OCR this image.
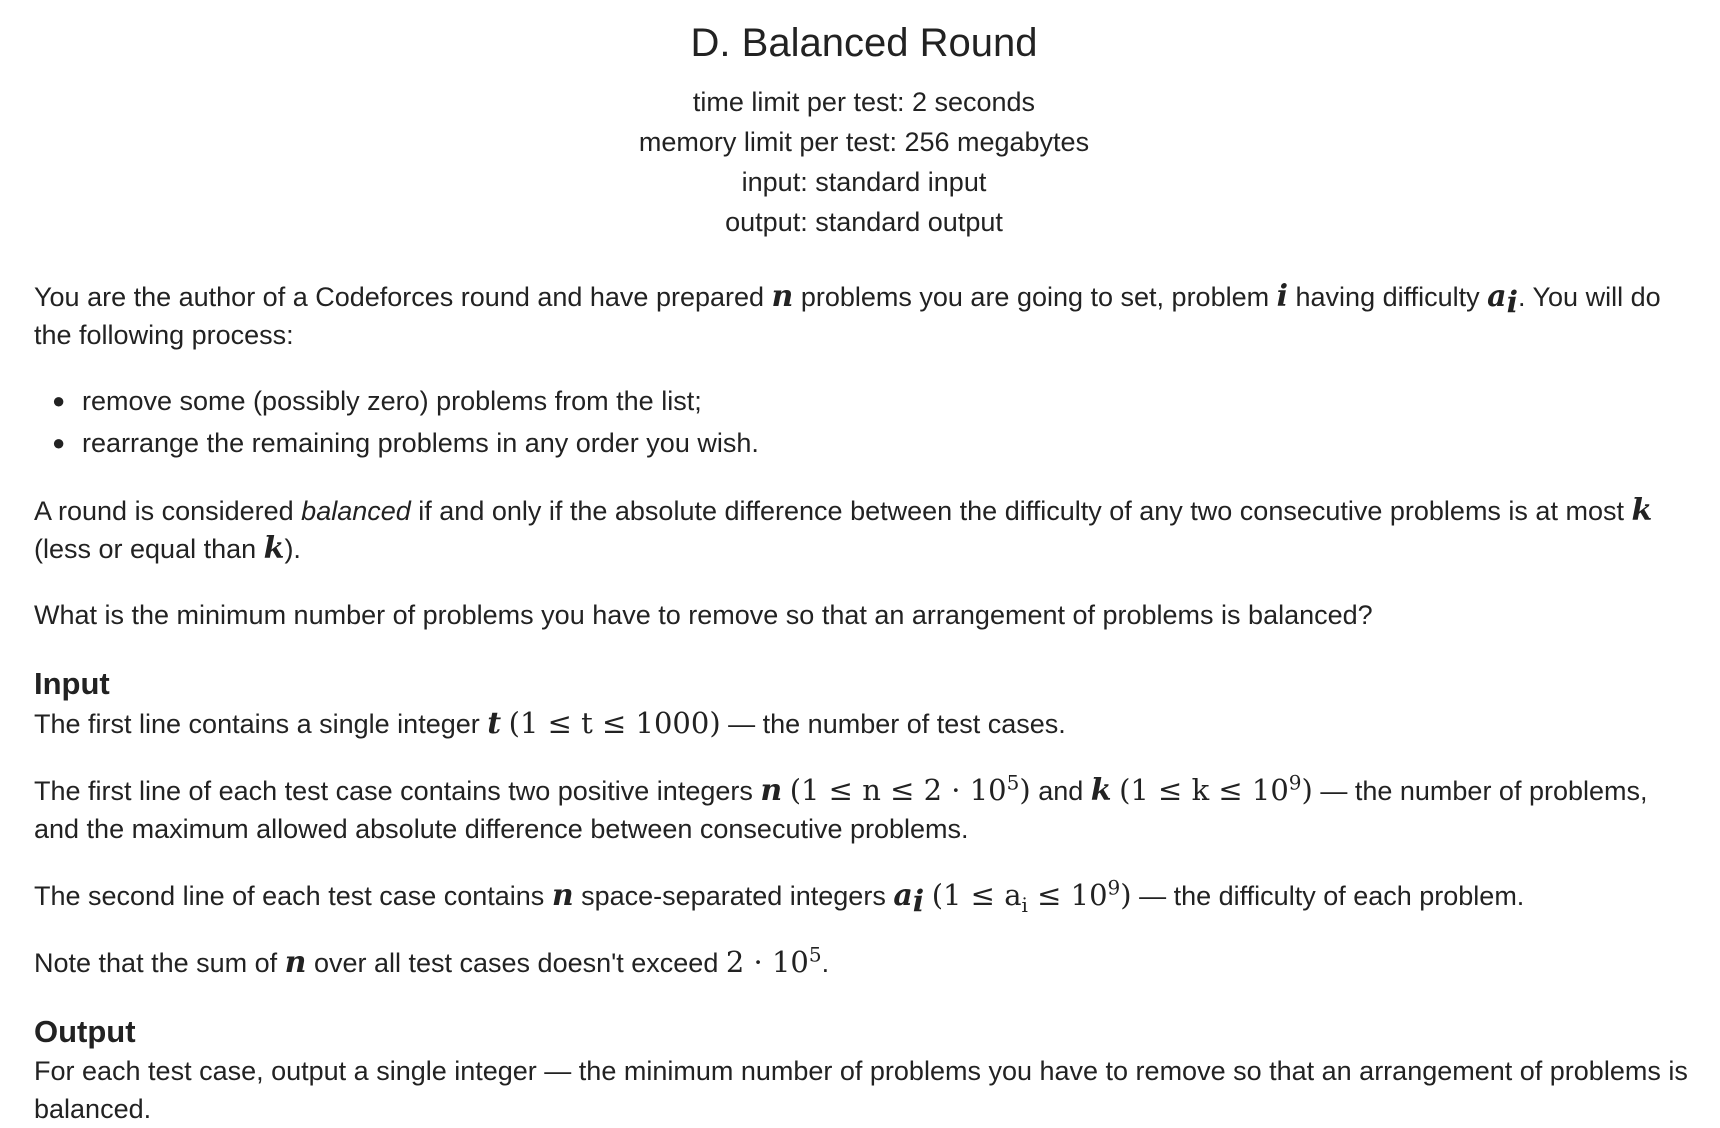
D. Balanced Round
time limit per test: 2 seconds
memory limit per test: 256 megabytes
input: standard input
output: standard output

You are the author of a Codeforces round and have prepared n problems you are going to set, problem i having difficulty $a_i$. You will do the following process:

● remove some (possibly zero) problems from the list;
● rearrange the remaining problems in any order you wish.

A round is considered balanced if and only if the absolute difference between the difficulty of any two consecutive problems is at most k (less or equal than k).

What is the minimum number of problems you have to remove so that an arrangement of problems is balanced?

Input

The first line contains a single integer t (1 ≤ t ≤ 1000) — the number of test cases.

The first line of each test case contains two positive integers n $(1 \le n \le 2 \cdot 10^5)$ and k $(1 \le k \le 10^9)$ — the number of problems, and the maximum allowed absolute difference between consecutive problems.

The second line of each test case contains n space-separated integers $a_i$ $(1 \le a_i \le 10^9)$ — the difficulty of each problem.

Note that the sum of n over all test cases doesn't exceed $2 \cdot 10^5$.

Output

For each test case, output a single integer — the minimum number of problems you have to remove so that an arrangement of problems is balanced.
